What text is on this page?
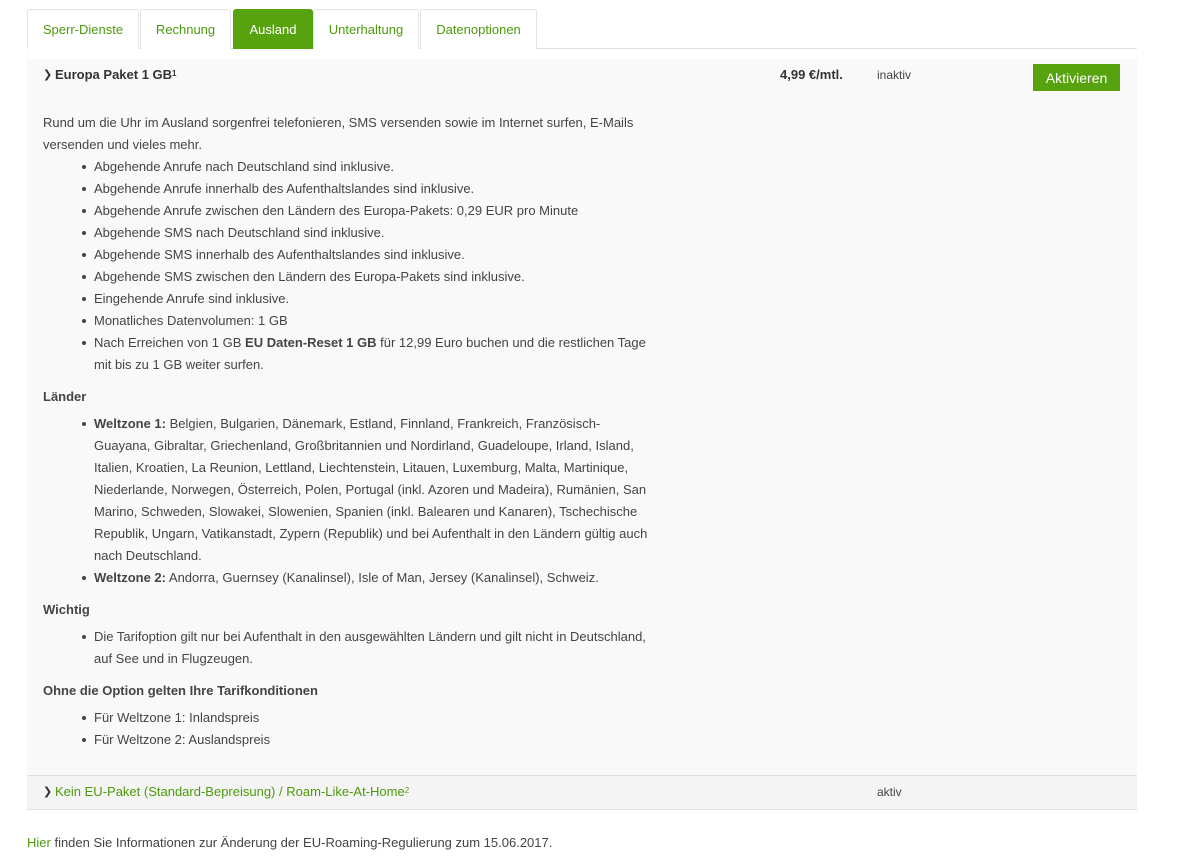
Sperr-Dienste	Rechnung	Ausland	Unterhaltung	Datenoptionen
❯ Europa Paket 1 $GB^1$	4,99 €/mtl.	inaktiv	Aktivieren

Rund um die Uhr im Ausland sorgenfrei telefonieren, SMS versenden sowie im Internet surfen, E-Mails versenden und vieles mehr.

Abgehende Anrufe nach Deutschland sind inklusive.
Abgehende Anrufe innerhalb des Aufenthaltslandes sind inklusive.
Abgehende Anrufe zwischen den Ländern des Europa-Pakets: 0,29 EUR pro Minute
Abgehende SMS nach Deutschland sind inklusive.
Abgehende SMS innerhalb des Aufenthaltslandes sind inklusive.
Abgehende SMS zwischen den Ländern des Europa-Pakets sind inklusive.
Eingehende Anrufe sind inklusive.
Monatliches Datenvolumen: 1 GB
Nach Erreichen von 1 GB EU Daten-Reset 1 GB für 12,99 Euro buchen und die restlichen Tage mit bis zu 1 GB weiter surfen.
Länder
Weltzone 1: Belgien, Bulgarien, Dänemark, Estland, Finnland, Frankreich, Französisch-Guayana, Gibraltar, Griechenland, Großbritannien und Nordirland, Guadeloupe, Irland, Island, Italien, Kroatien, La Reunion, Lettland, Liechtenstein, Litauen, Luxemburg, Malta, Martinique, Niederlande, Norwegen, Österreich, Polen, Portugal (inkl. Azoren und Madeira), Rumänien, San Marino, Schweden, Slowakei, Slowenien, Spanien (inkl. Balearen und Kanaren), Tschechische Republik, Ungarn, Vatikanstadt, Zypern (Republik) und bei Aufenthalt in den Ländern gültig auch nach Deutschland.
Weltzone 2: Andorra, Guernsey (Kanalinsel), Isle of Man, Jersey (Kanalinsel), Schweiz.
Wichtig
Die Tarifoption gilt nur bei Aufenthalt in den ausgewählten Ländern und gilt nicht in Deutschland, auf See und in Flugzeugen.
Ohne die Option gelten Ihre Tarifkonditionen
Für Weltzone 1: Inlandspreis
Für Weltzone 2: Auslandspreis
❯ Kein EU-Paket (Standard-Bepreisung) / Roam-Like-At-Home$^2$	aktiv
Hier finden Sie Informationen zur Änderung der EU-Roaming-Regulierung zum 15.06.2017.
